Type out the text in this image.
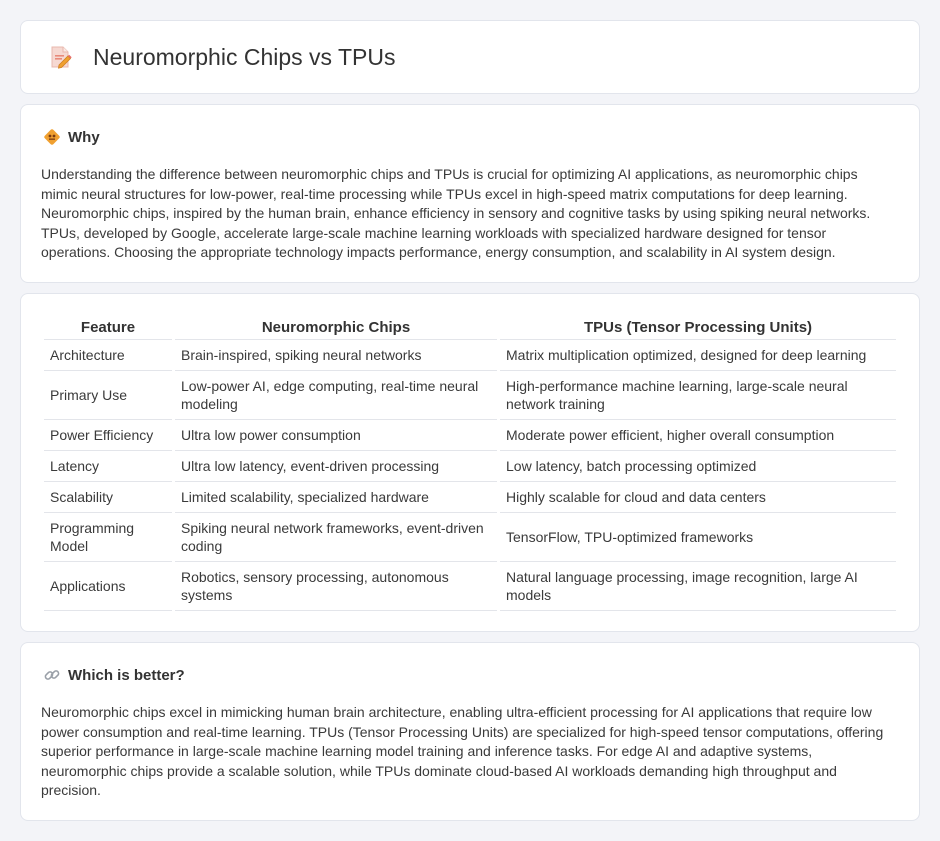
Neuromorphic Chips vs TPUs
Why

Understanding the difference between neuromorphic chips and TPUs is crucial for optimizing AI applications, as neuromorphic chips mimic neural structures for low-power, real-time processing while TPUs excel in high-speed matrix computations for deep learning. Neuromorphic chips, inspired by the human brain, enhance efficiency in sensory and cognitive tasks by using spiking neural networks. TPUs, developed by Google, accelerate large-scale machine learning workloads with specialized hardware designed for tensor operations. Choosing the appropriate technology impacts performance, energy consumption, and scalability in AI system design.

Feature	Neuromorphic Chips	TPUs (Tensor Processing Units)
Architecture	Brain-inspired, spiking neural networks	Matrix multiplication optimized, designed for deep learning
Primary Use	Low-power AI, edge computing, real-time neural modeling	High-performance machine learning, large-scale neural network training
Power Efficiency	Ultra low power consumption	Moderate power efficient, higher overall consumption
Latency	Ultra low latency, event-driven processing	Low latency, batch processing optimized
Scalability	Limited scalability, specialized hardware	Highly scalable for cloud and data centers
Programming Model	Spiking neural network frameworks, event-driven coding	TensorFlow, TPU-optimized frameworks
Applications	Robotics, sensory processing, autonomous systems	Natural language processing, image recognition, large AI models
Which is better?

Neuromorphic chips excel in mimicking human brain architecture, enabling ultra-efficient processing for AI applications that require low power consumption and real-time learning. TPUs (Tensor Processing Units) are specialized for high-speed tensor computations, offering superior performance in large-scale machine learning model training and inference tasks. For edge AI and adaptive systems, neuromorphic chips provide a scalable solution, while TPUs dominate cloud-based AI workloads demanding high throughput and precision.
